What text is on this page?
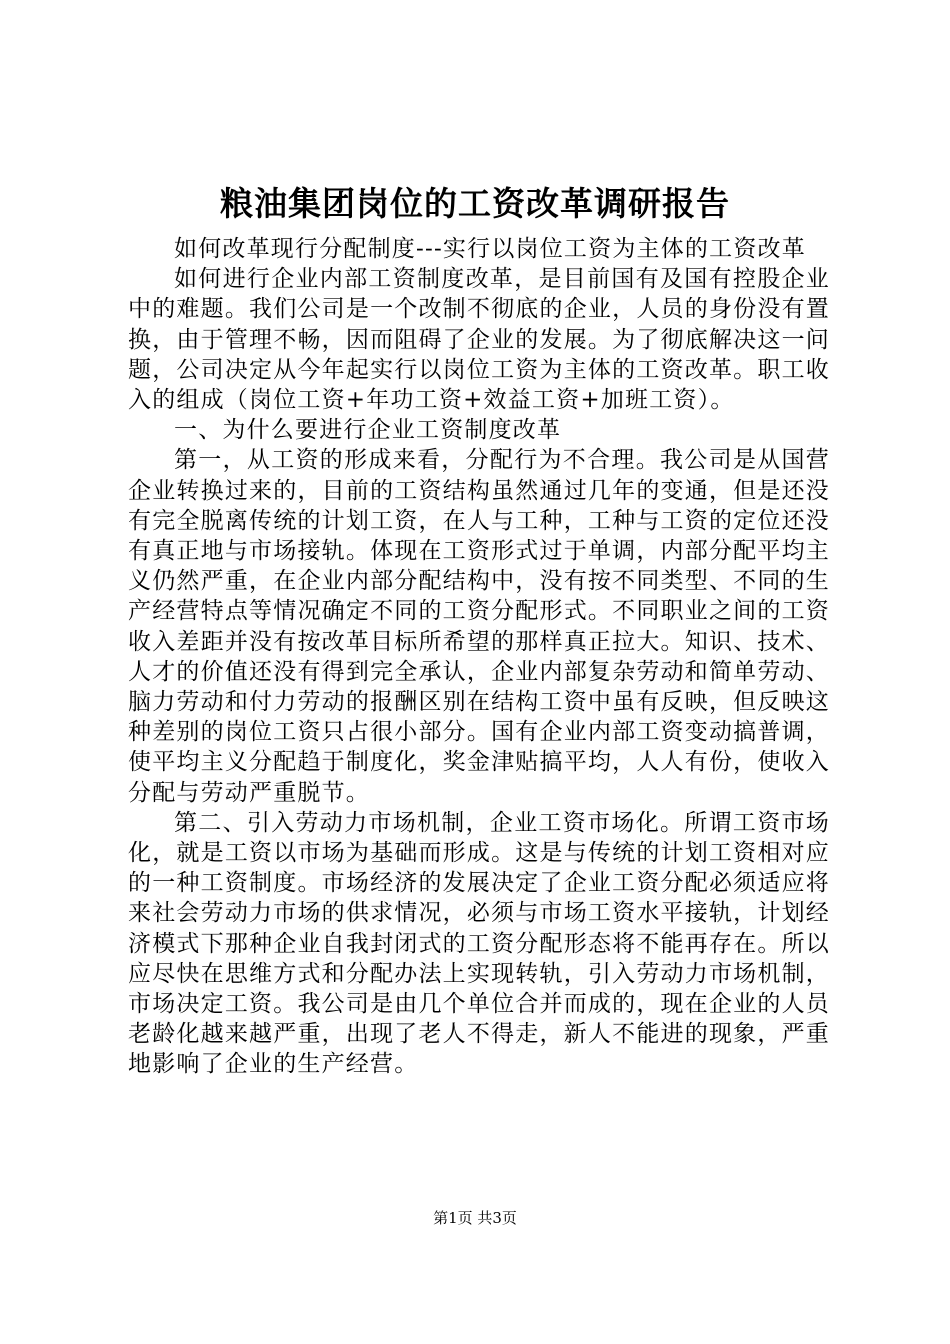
粮油集团岗位的工资改革调研报告

如何改革现行分配制度---实行以岗位工资为主体的工资改革

如何进行企业内部工资制度改革，是目前国有及国有控股企业中的难题。我们公司是一个改制不彻底的企业，人员的身份没有置换，由于管理不畅，因而阻碍了企业的发展。为了彻底解决这一问题，公司决定从今年起实行以岗位工资为主体的工资改革。职工收入的组成（岗位工资+年功工资+效益工资+加班工资）。

一、为什么要进行企业工资制度改革

第一，从工资的形成来看，分配行为不合理。我公司是从国营企业转换过来的，目前的工资结构虽然通过几年的变通，但是还没有完全脱离传统的计划工资，在人与工种，工种与工资的定位还没有真正地与市场接轨。体现在工资形式过于单调，内部分配平均主义仍然严重，在企业内部分配结构中，没有按不同类型、不同的生产经营特点等情况确定不同的工资分配形式。不同职业之间的工资收入差距并没有按改革目标所希望的那样真正拉大。知识、技术、人才的价值还没有得到完全承认，企业内部复杂劳动和简单劳动、脑力劳动和付力劳动的报酬区别在结构工资中虽有反映，但反映这种差别的岗位工资只占很小部分。国有企业内部工资变动搞普调，使平均主义分配趋于制度化，奖金津贴搞平均，人人有份，使收入分配与劳动严重脱节。

第二、引入劳动力市场机制，企业工资市场化。所谓工资市场化，就是工资以市场为基础而形成。这是与传统的计划工资相对应的一种工资制度。市场经济的发展决定了企业工资分配必须适应将来社会劳动力市场的供求情况，必须与市场工资水平接轨，计划经济模式下那种企业自我封闭式的工资分配形态将不能再存在。所以应尽快在思维方式和分配办法上实现转轨，引入劳动力市场机制，市场决定工资。我公司是由几个单位合并而成的，现在企业的人员老龄化越来越严重，出现了老人不得走，新人不能进的现象，严重地影响了企业的生产经营。

第1页 共3页
